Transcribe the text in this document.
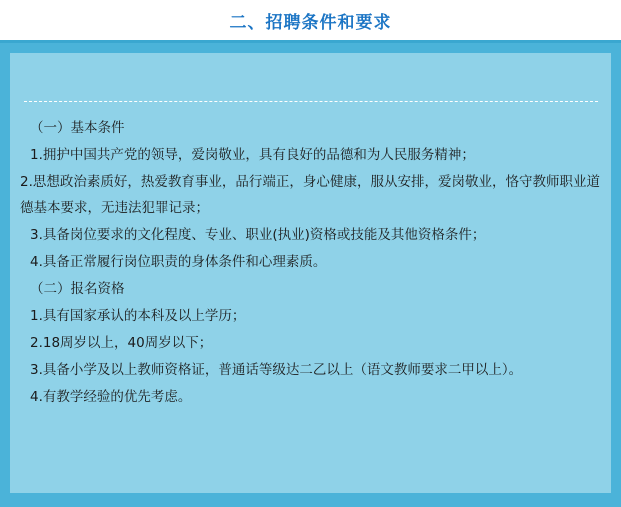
二、招聘条件和要求

（一）基本条件

1.拥护中国共产党的领导，爱岗敬业，具有良好的品德和为人民服务精神；

2.思想政治素质好，热爱教育事业，品行端正，身心健康，服从安排，爱岗敬业，恪守教师职业道德基本要求，无违法犯罪记录；

3.具备岗位要求的文化程度、专业、职业(执业)资格或技能及其他资格条件；

4.具备正常履行岗位职责的身体条件和心理素质。

（二）报名资格

1.具有国家承认的本科及以上学历；

2.18周岁以上，40周岁以下；

3.具备小学及以上教师资格证，普通话等级达二乙以上（语文教师要求二甲以上）。

4.有教学经验的优先考虑。
